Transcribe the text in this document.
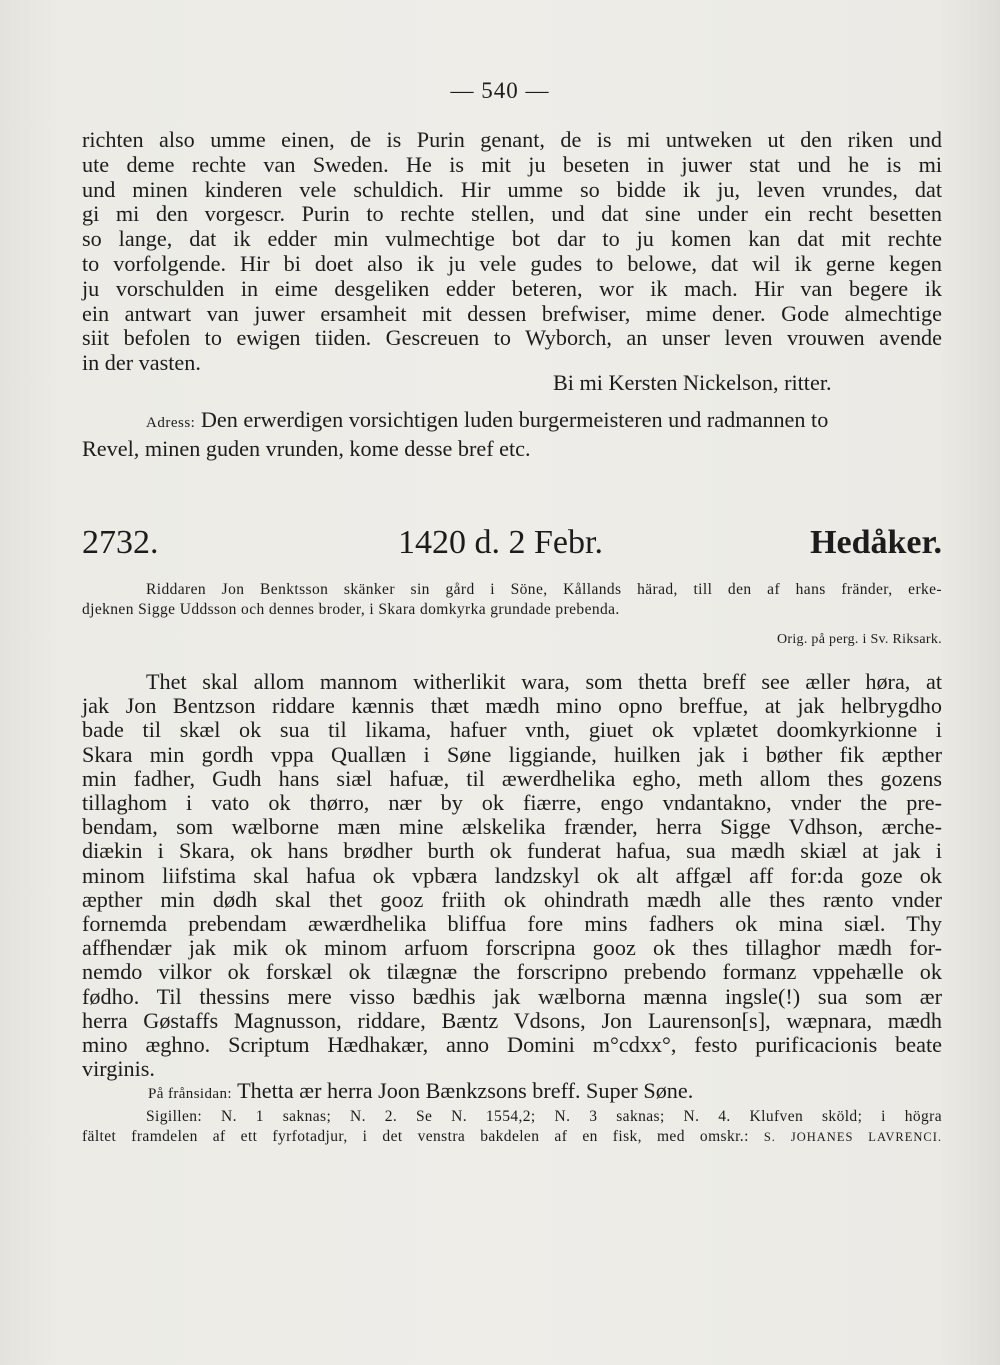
— 540 —
richten also umme einen, de is Purin genant, de is mi untweken ut den riken und
ute deme rechte van Sweden. He is mit ju beseten in juwer stat und he is mi
und minen kinderen vele schuldich. Hir umme so bidde ik ju, leven vrundes, dat
gi mi den vorgescr. Purin to rechte stellen, und dat sine under ein recht besetten
so lange, dat ik edder min vulmechtige bot dar to ju komen kan dat mit rechte
to vorfolgende. Hir bi doet also ik ju vele gudes to belowe, dat wil ik gerne kegen
ju vorschulden in eime desgeliken edder beteren, wor ik mach. Hir van begere ik
ein antwart van juwer ersamheit mit dessen brefwiser, mime dener. Gode almechtige
siit befolen to ewigen tiiden. Gescreuen to Wyborch, an unser leven vrouwen avende
in der vasten.
Bi mi Kersten Nickelson, ritter.
Adress: Den erwerdigen vorsichtigen luden burgermeisteren und radmannen to
Revel, minen guden vrunden, kome desse bref etc.
2732.	1420 d. 2 Febr.	Hedåker.
Riddaren Jon Benktsson skänker sin gård i Söne, Kållands härad, till den af hans fränder, erke-
djeknen Sigge Uddsson och dennes broder, i Skara domkyrka grundade prebenda.
Orig. på perg. i Sv. Riksark.
Thet skal allom mannom witherlikit wara, som thetta breff see æller høra, at
jak Jon Bentzson riddare kænnis thæt mædh mino opno breffue, at jak helbrygdho
bade til skæl ok sua til likama, hafuer vnth, giuet ok vplætet doomkyrkionne i
Skara min gordh vppa Quallæn i Søne liggiande, huilken jak i bøther fik æpther
min fadher, Gudh hans siæl hafuæ, til æwerdhelika egho, meth allom thes gozens
tillaghom i vato ok thørro, nær by ok fiærre, engo vndantakno, vnder the pre-
bendam, som wælborne mæn mine ælskelika frænder, herra Sigge Vdhson, ærche-
diækin i Skara, ok hans brødher burth ok funderat hafua, sua mædh skiæl at jak i
minom liifstima skal hafua ok vpbæra landzskyl ok alt affgæl aff for:da goze ok
æpther min dødh skal thet gooz friith ok ohindrath mædh alle thes ræntо vnder
fornemda prebendam æwærdhelika bliffua fore mins fadhers ok mina siæl. Thy
affhendær jak mik ok minom arfuom forscripna gooz ok thes tillaghor mædh for-
nemdo vilkor ok forskæl ok tilægnæ the forscripno prebendo formanz vppehælle ok
fødho. Til thessins mere visso bædhis jak wælborna mænna ingsle(!) sua som ær
herra Gøstaffs Magnusson, riddare, Bæntz Vdsons, Jon Laurenson[s], wæpnara, mædh
mino æghno. Scriptum Hædhakær, anno Domini m°cdxx°, festo purificacionis beate
virginis.
På frånsidan: Thetta ær herra Joon Bænkzsons breff. Super Søne.
Sigillen: N. 1 saknas; N. 2. Se N. 1554,2; N. 3 saknas; N. 4. Klufven sköld; i högra
fältet framdelen af ett fyrfotadjur, i det venstra bakdelen af en fisk, med omskr.: S. JOHANES LAVRENCI.
